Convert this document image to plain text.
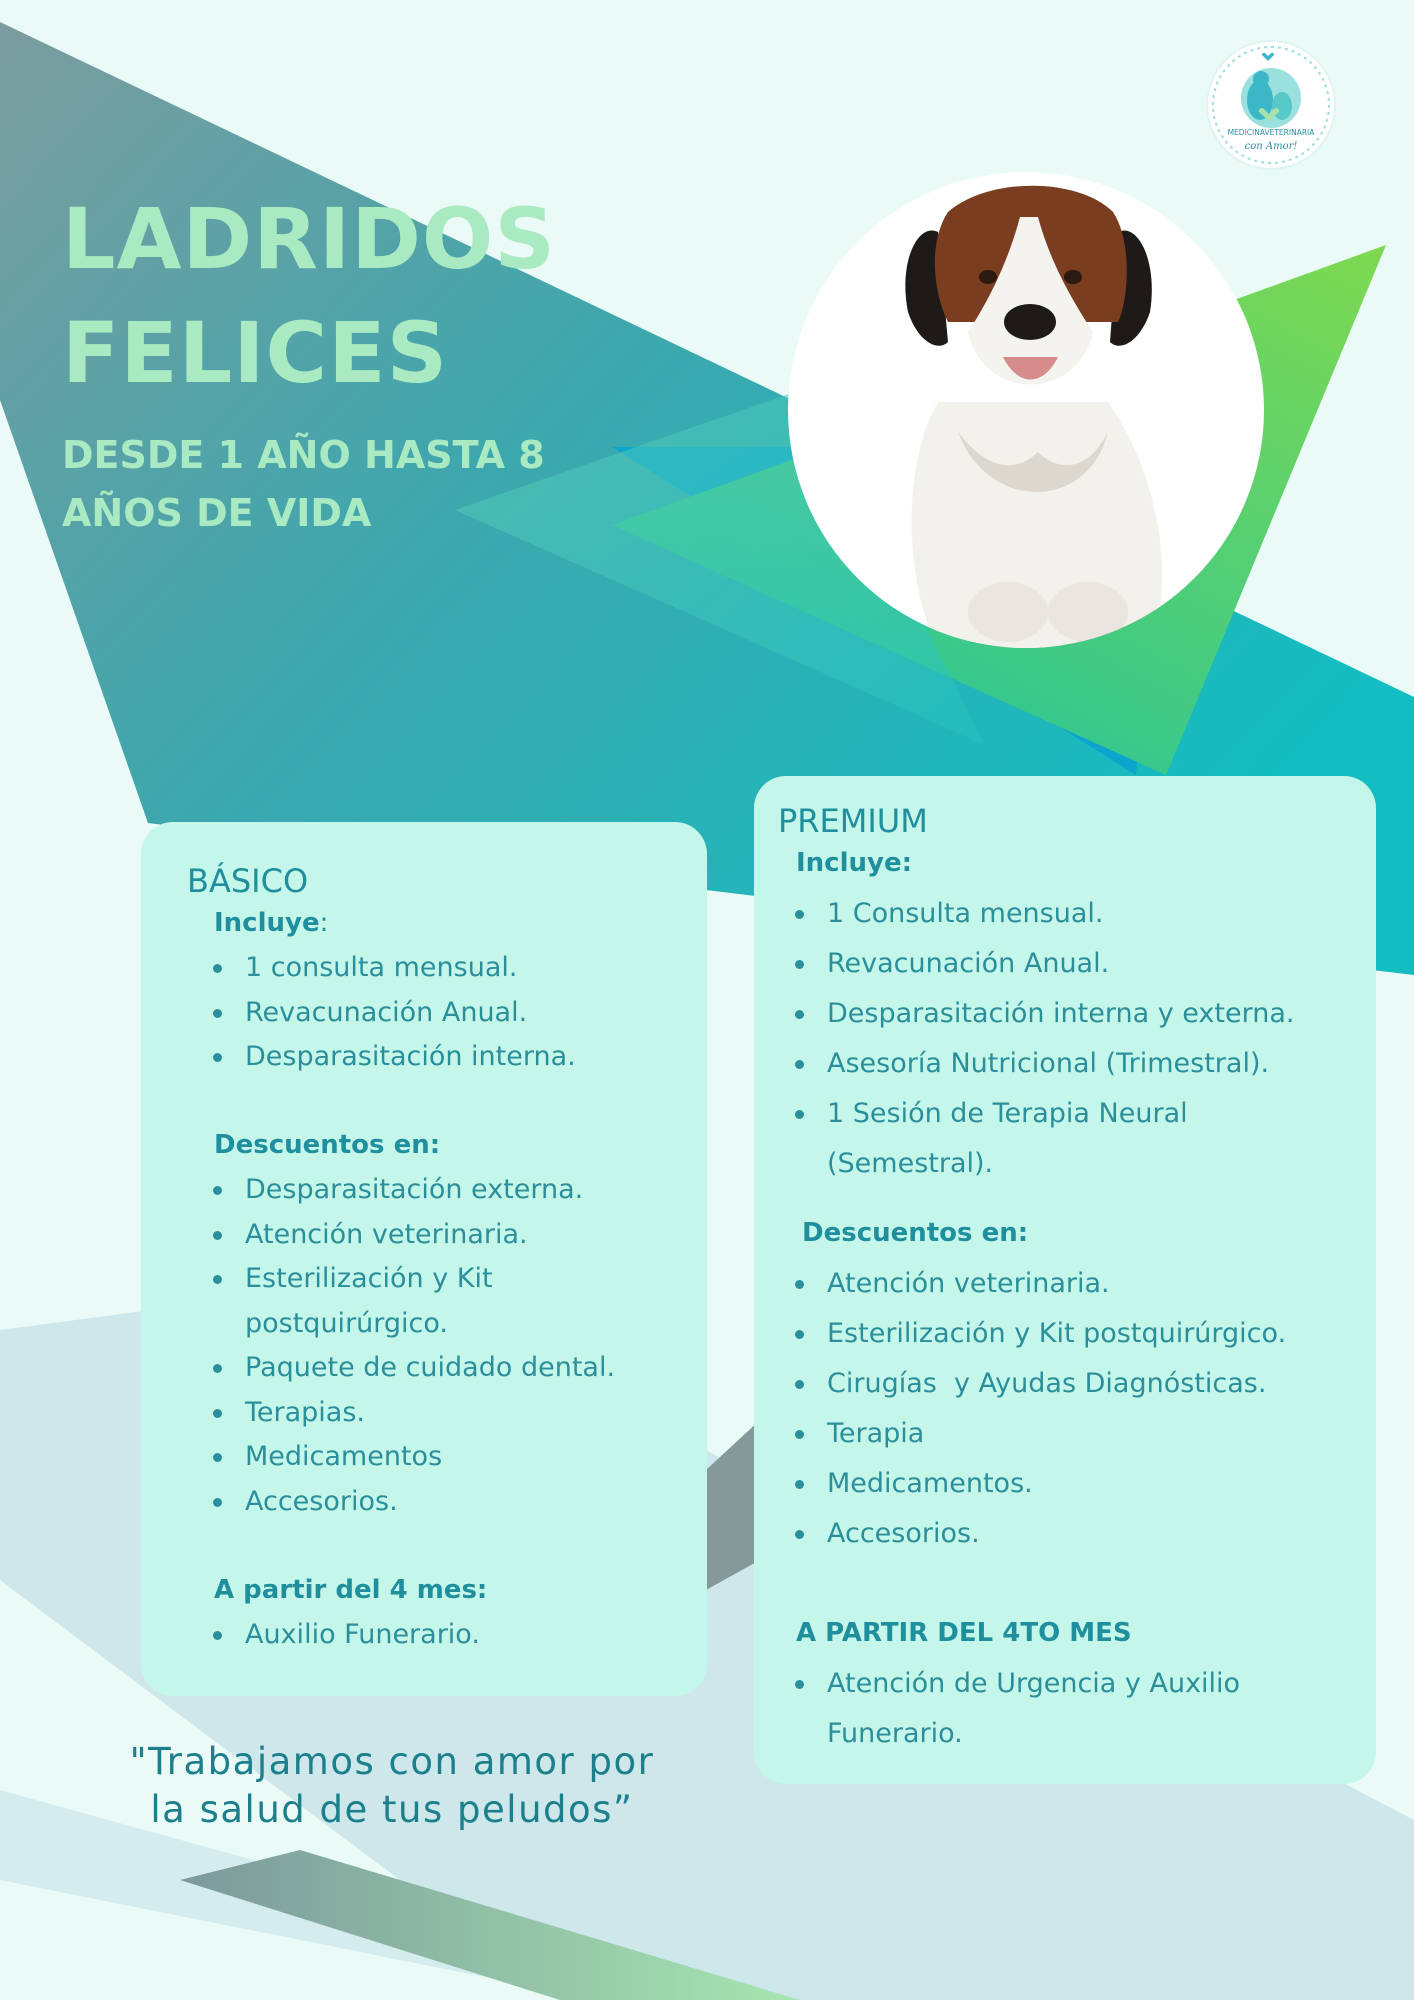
MEDICINAVETERINARIA
con Amor!
LADRIDOS
FELICES
DESDE 1 AÑO HASTA 8
AÑOS DE VIDA
BÁSICO
Incluye:
1 consulta mensual.
Revacunación Anual.
Desparasitación interna.
Descuentos en:
Desparasitación externa.
Atención veterinaria.
Esterilización y Kit postquirúrgico.
Paquete de cuidado dental.
Terapias.
Medicamentos
Accesorios.
A partir del 4 mes:
Auxilio Funerario.
PREMIUM
Incluye:
1 Consulta mensual.
Revacunación Anual.
Desparasitación interna y externa.
Asesoría Nutricional (Trimestral).
1 Sesión de Terapia Neural (Semestral).
Descuentos en:
Atención veterinaria.
Esterilización y Kit postquirúrgico.
Cirugías  y Ayudas Diagnósticas.
Terapia
Medicamentos.
Accesorios.
A PARTIR DEL 4TO MES
Atención de Urgencia y Auxilio Funerario.
"Trabajamos con amor por
la salud de tus peludos”
